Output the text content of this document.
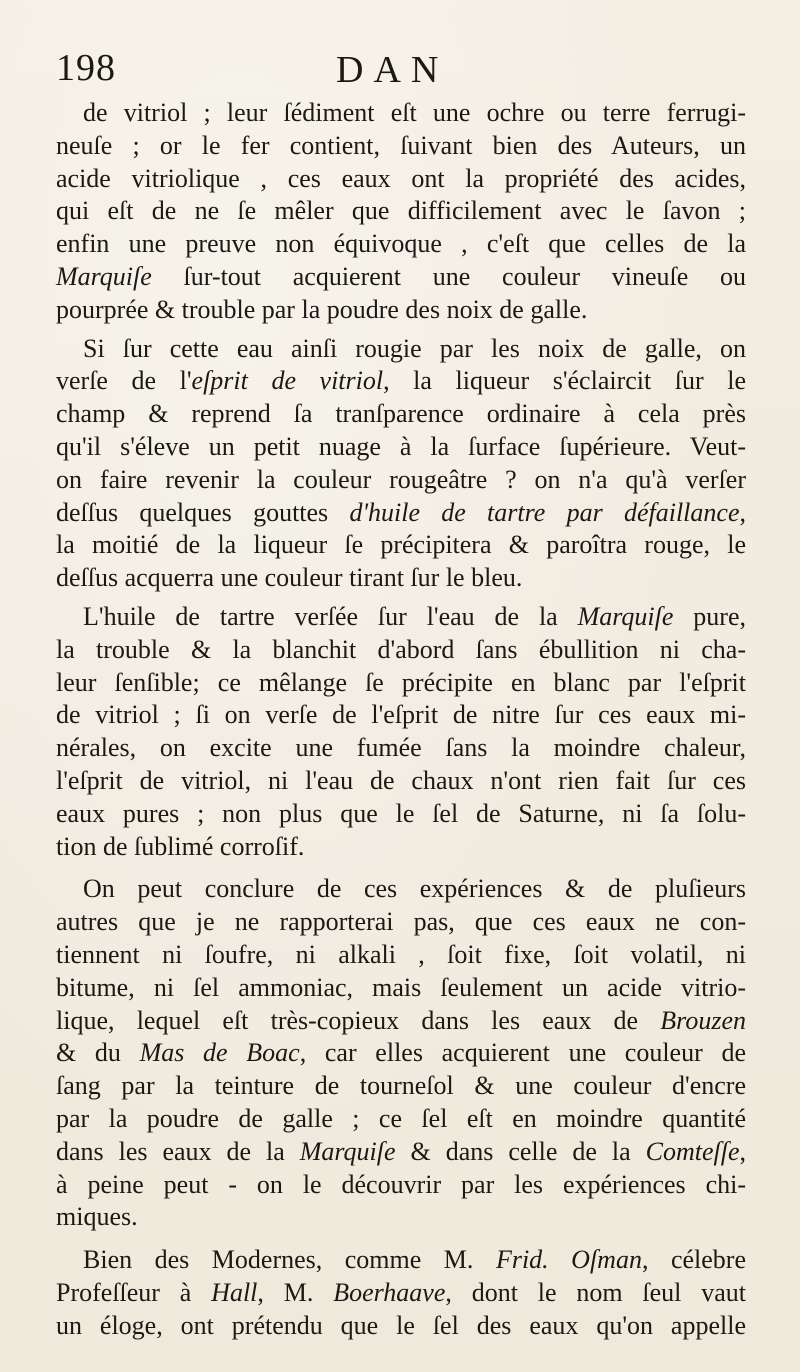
198	DAN
de vitriol ; leur ſédiment eſt une ochre ou terre ferrugi-
neuſe ; or le fer contient, ſuivant bien des Auteurs, un
acide vitriolique , ces eaux ont la propriété des acides,
qui eſt de ne ſe mêler que difficilement avec le ſavon ;
enfin une preuve non équivoque , c'eſt que celles de la
Marquiſe ſur-tout acquierent une couleur vineuſe ou
pourprée & trouble par la poudre des noix de galle.
Si ſur cette eau ainſi rougie par les noix de galle, on
verſe de l'eſprit de vitriol, la liqueur s'éclaircit ſur le
champ & reprend ſa tranſparence ordinaire à cela près
qu'il s'éleve un petit nuage à la ſurface ſupérieure. Veut-
on faire revenir la couleur rougeâtre ? on n'a qu'à verſer
deſſus quelques gouttes d'huile de tartre par défaillance,
la moitié de la liqueur ſe précipitera & paroîtra rouge, le
deſſus acquerra une couleur tirant ſur le bleu.
L'huile de tartre verſée ſur l'eau de la Marquiſe pure,
la trouble & la blanchit d'abord ſans ébullition ni cha-
leur ſenſible; ce mêlange ſe précipite en blanc par l'eſprit
de vitriol ; ſi on verſe de l'eſprit de nitre ſur ces eaux mi-
nérales, on excite une fumée ſans la moindre chaleur,
l'eſprit de vitriol, ni l'eau de chaux n'ont rien fait ſur ces
eaux pures ; non plus que le ſel de Saturne, ni ſa ſolu-
tion de ſublimé corroſif.
On peut conclure de ces expériences & de pluſieurs
autres que je ne rapporterai pas, que ces eaux ne con-
tiennent ni ſoufre, ni alkali , ſoit fixe, ſoit volatil, ni
bitume, ni ſel ammoniac, mais ſeulement un acide vitrio-
lique, lequel eſt très-copieux dans les eaux de Brouzen
& du Mas de Boac, car elles acquierent une couleur de
ſang par la teinture de tourneſol & une couleur d'encre
par la poudre de galle ; ce ſel eſt en moindre quantité
dans les eaux de la Marquiſe & dans celle de la Comteſſe,
à peine peut - on le découvrir par les expériences chi-
miques.
Bien des Modernes, comme M. Frid. Oſman, célebre
Profeſſeur à Hall, M. Boerhaave, dont le nom ſeul vaut
un éloge, ont prétendu que le ſel des eaux qu'on appelle
